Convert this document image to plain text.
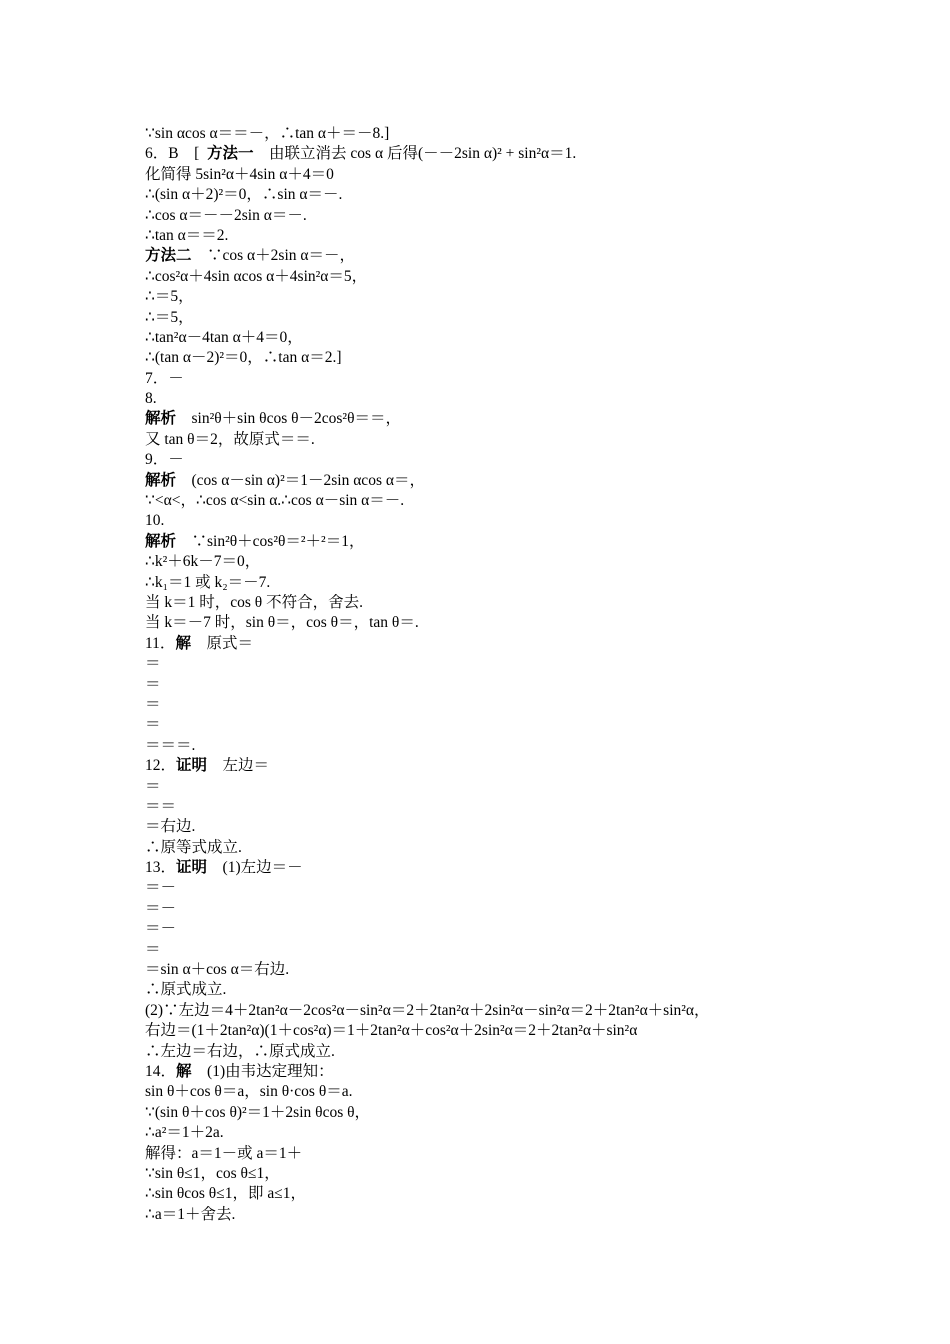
∵sin αcos α＝＝－，∴tan α＋＝－8.]
6．B　[ 方法一　由联立消去 cos α 后得(－－2sin α)² + sin²α＝1.
化简得 5sin²α＋4sin α＋4＝0
∴(sin α＋2)²＝0，∴sin α＝－.
∴cos α＝－－2sin α＝－.
∴tan α＝＝2.
方法二　∵cos α＋2sin α＝－，
∴cos²α＋4sin αcos α＋4sin²α＝5，
∴＝5，
∴＝5，
∴tan²α－4tan α＋4＝0，
∴(tan α－2)²＝0，∴tan α＝2.]
7．－
8.
解析　sin²θ＋sin θcos θ－2cos²θ＝＝，
又 tan θ＝2，故原式＝＝.
9．－
解析　(cos α－sin α)²＝1－2sin αcos α＝，
∵<α<，∴cos α<sin α.∴cos α－sin α＝－.
10.
解析　∵sin²θ＋cos²θ＝²＋²＝1，
∴k²＋6k－7＝0，
∴k₁＝1 或 k₂＝－7.
当 k＝1 时，cos θ 不符合，舍去.
当 k＝－7 时，sin θ＝，cos θ＝，tan θ＝.
11．解　原式＝
＝
＝
＝
＝
＝＝＝.
12．证明　左边＝
＝
＝＝
＝右边.
∴原等式成立.
13．证明　(1)左边＝－
＝－
＝－
＝－
＝
＝sin α＋cos α＝右边.
∴原式成立.
(2)∵左边＝4＋2tan²α－2cos²α－sin²α＝2＋2tan²α＋2sin²α－sin²α＝2＋2tan²α＋sin²α，
右边＝(1＋2tan²α)(1＋cos²α)＝1＋2tan²α＋cos²α＋2sin²α＝2＋2tan²α＋sin²α
∴左边＝右边，∴原式成立.
14．解　(1)由韦达定理知：
sin θ＋cos θ＝a，sin θ·cos θ＝a.
∵(sin θ＋cos θ)²＝1＋2sin θcos θ，
∴a²＝1＋2a.
解得：a＝1－或 a＝1＋
∵sin θ≤1，cos θ≤1，
∴sin θcos θ≤1，即 a≤1，
∴a＝1＋舍去.
